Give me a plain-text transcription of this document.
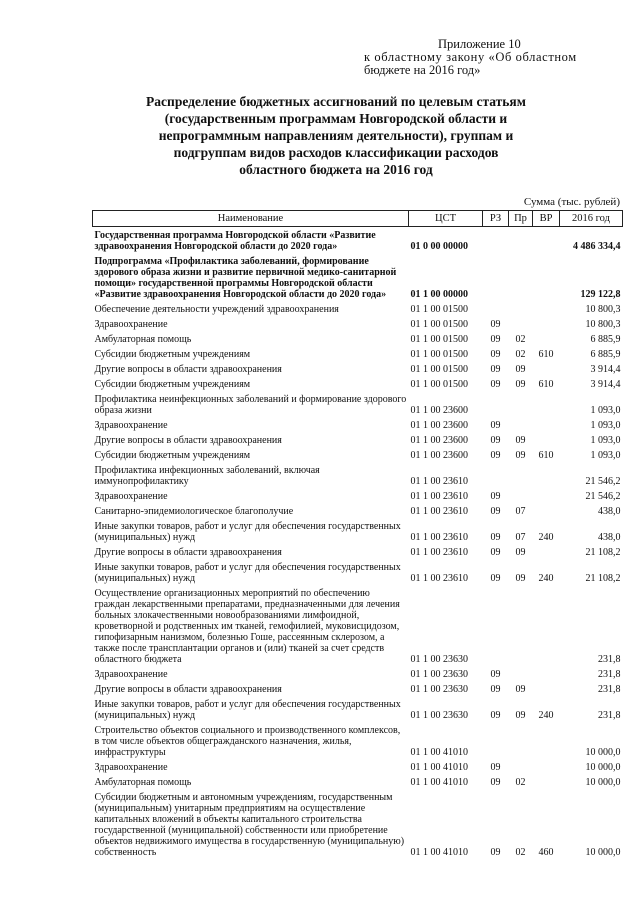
Приложение 10
к областному закону «Об областном
бюджете на 2016 год»
Распределение бюджетных ассигнований по целевым статьям
(государственным программам Новгородской области и
непрограммным направлениям деятельности), группам и
подгруппам видов расходов классификации расходов
областного бюджета на 2016 год
Сумма (тыс. рублей)
Наименование	ЦСТ	РЗ	Пр	ВР	2016 год
Государственная программа Новгородской области «Развитие здравоохранения Новгородской области до 2020 года»	01 0 00 00000				4 486 334,4
Подпрограмма «Профилактика заболеваний, формирование здорового образа жизни и развитие первичной медико-санитарной помощи» государственной программы Новгородской области «Развитие здравоохранения Новгородской области до 2020 года»	01 1 00 00000				129 122,8
Обеспечение деятельности учреждений здравоохранения	01 1 00 01500				10 800,3
Здравоохранение	01 1 00 01500	09			10 800,3
Амбулаторная помощь	01 1 00 01500	09	02		6 885,9
Субсидии бюджетным учреждениям	01 1 00 01500	09	02	610	6 885,9
Другие вопросы в области здравоохранения	01 1 00 01500	09	09		3 914,4
Субсидии бюджетным учреждениям	01 1 00 01500	09	09	610	3 914,4
Профилактика неинфекционных заболеваний и формирование здорового образа жизни	01 1 00 23600				1 093,0
Здравоохранение	01 1 00 23600	09			1 093,0
Другие вопросы в области здравоохранения	01 1 00 23600	09	09		1 093,0
Субсидии бюджетным учреждениям	01 1 00 23600	09	09	610	1 093,0
Профилактика инфекционных заболеваний, включая иммунопрофилактику	01 1 00 23610				21 546,2
Здравоохранение	01 1 00 23610	09			21 546,2
Санитарно-эпидемиологическое благополучие	01 1 00 23610	09	07		438,0
Иные закупки товаров, работ и услуг для обеспечения государственных (муниципальных) нужд	01 1 00 23610	09	07	240	438,0
Другие вопросы в области здравоохранения	01 1 00 23610	09	09		21 108,2
Иные закупки товаров, работ и услуг для обеспечения государственных (муниципальных) нужд	01 1 00 23610	09	09	240	21 108,2
Осуществление организационных мероприятий по обеспечению граждан лекарственными препаратами, предназначенными для лечения больных злокачественными новообразованиями лимфоидной, кроветворной и родственных им тканей, гемофилией, муковисцидозом, гипофизарным нанизмом, болезнью Гоше, рассеянным склерозом, а также после трансплантации органов и (или) тканей за счет средств областного бюджета	01 1 00 23630				231,8
Здравоохранение	01 1 00 23630	09			231,8
Другие вопросы в области здравоохранения	01 1 00 23630	09	09		231,8
Иные закупки товаров, работ и услуг для обеспечения государственных (муниципальных) нужд	01 1 00 23630	09	09	240	231,8
Строительство объектов социального и производственного комплексов, в том числе объектов общегражданского назначения, жилья, инфраструктуры	01 1 00 41010				10 000,0
Здравоохранение	01 1 00 41010	09			10 000,0
Амбулаторная помощь	01 1 00 41010	09	02		10 000,0
Субсидии бюджетным и автономным учреждениям, государственным (муниципальным) унитарным предприятиям на осуществление капитальных вложений в объекты капитального строительства государственной (муниципальной) собственности или приобретение объектов недвижимого имущества в государственную (муниципальную) собственность	01 1 00 41010	09	02	460	10 000,0
